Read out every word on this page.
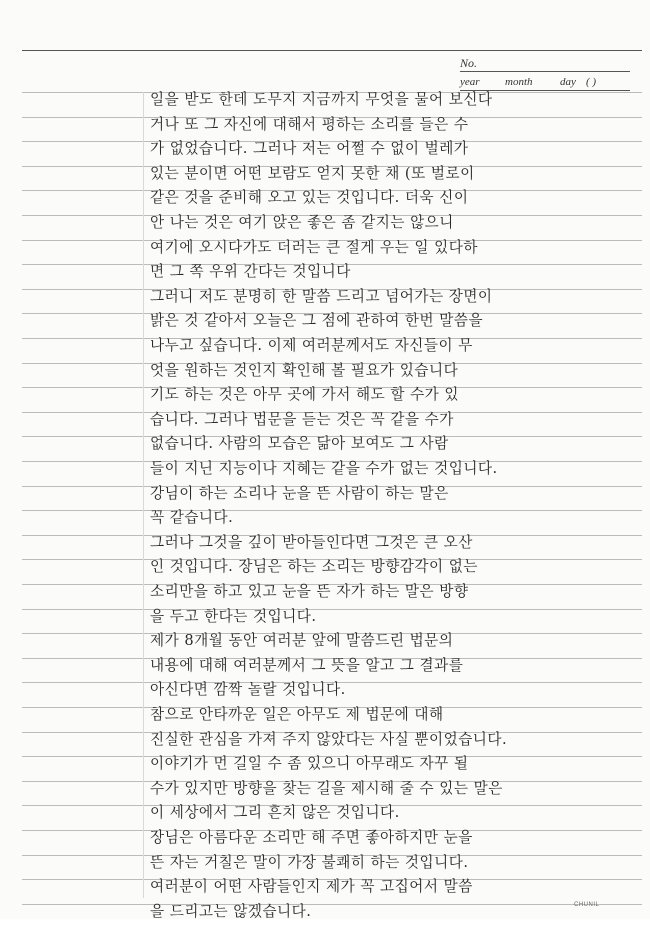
No.
year month	day ( )
일을 받도 한데 도무지 지금까지 무엇을 물어 보신다
거나 또 그 자신에 대해서 평하는 소리를 들은 수
가 없었습니다. 그러나 저는 어쩔 수 없이 벌레가
있는 분이면 어떤 보람도 얻지 못한 채 (또 벌로이
같은 것을 준비해 오고 있는 것입니다. 더욱 신이
안 나는 것은 여기 앉은 좋은 좀 같지는 않으니
여기에 오시다가도 더러는 큰 절게 우는 일 있다하
면 그 쪽 우위 간다는 것입니다
그러니 저도 분명히 한 말씀 드리고 넘어가는 장면이
밝은 것 같아서 오늘은 그 점에 관하여 한번 말씀을
나누고 싶습니다. 이제 여러분께서도 자신들이 무
엇을 원하는 것인지 확인해 볼 필요가 있습니다
기도 하는 것은 아무 곳에 가서 해도 할 수가 있
습니다. 그러나 법문을 듣는 것은 꼭 같을 수가
없습니다. 사람의 모습은 닮아 보여도 그 사람
들이 지닌 지능이나 지혜는 같을 수가 없는 것입니다.
강님이 하는 소리나 눈을 뜬 사람이 하는 말은
꼭 같습니다.
그러나 그것을 깊이 받아들인다면 그것은 큰 오산
인 것입니다. 장님은 하는 소리는 방향감각이 없는
소리만을 하고 있고 눈을 뜬 자가 하는 말은 방향
을 두고 한다는 것입니다.
제가 8개월 동안 여러분 앞에 말씀드린 법문의
내용에 대해 여러분께서 그 뜻을 알고 그 결과를
아신다면 깜짝 놀랄 것입니다.
참으로 안타까운 일은 아무도 제 법문에 대해
진실한 관심을 가져 주지 않았다는 사실 뿐이었습니다.
이야기가 먼 길일 수 좀 있으니 아무래도 자꾸 될
수가 있지만 방향을 찾는 길을 제시해 줄 수 있는 말은
이 세상에서 그리 흔치 않은 것입니다.
장님은 아름다운 소리만 해 주면 좋아하지만 눈을
뜬 자는 거칠은 말이 가장 불쾌히 하는 것입니다.
여러분이 어떤 사람들인지 제가 꼭 고집어서 말씀
을 드리고는 않겠습니다.	CHUNIL
